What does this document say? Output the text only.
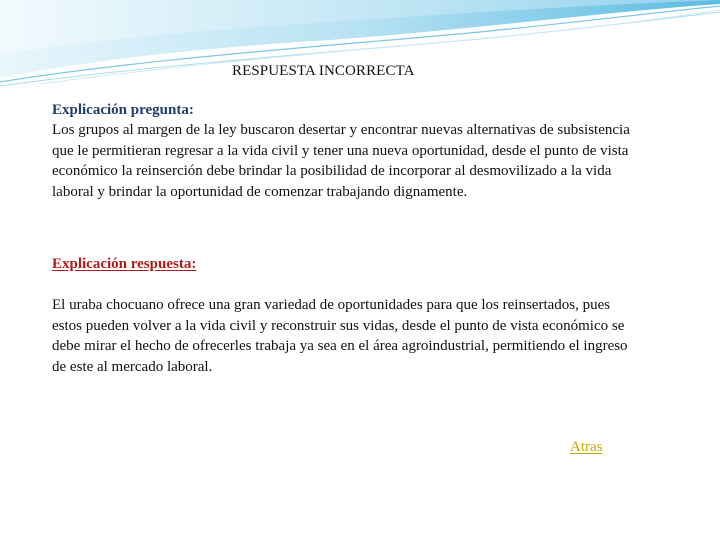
RESPUESTA INCORRECTA

Explicación pregunta:

Los grupos al margen de la ley buscaron desertar y encontrar nuevas alternativas de subsistencia que le permitieran regresar a la vida civil y tener una nueva oportunidad, desde el punto de vista económico la reinserción debe brindar la posibilidad de incorporar al desmovilizado a la vida laboral y brindar la oportunidad de comenzar trabajando dignamente.

Explicación respuesta:

El uraba chocuano ofrece una gran variedad de oportunidades para que los reinsertados, pues estos pueden volver a la vida civil y reconstruir sus vidas, desde el punto de vista económico se debe mirar el hecho de ofrecerles trabaja ya sea en el área agroindustrial, permitiendo el ingreso de este al mercado laboral.

Atras
